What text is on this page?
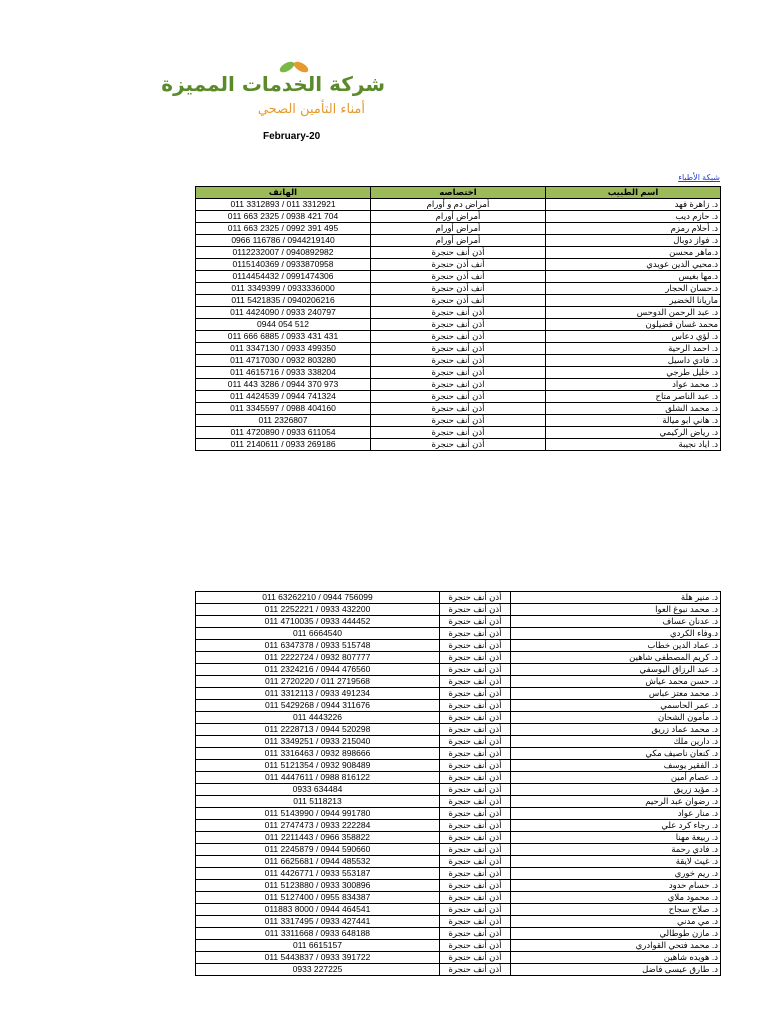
شركة الخدمات المميزة
أمناء التأمين الصحي
February-20
شبكة الأطباء
اسم الطبيب	اختصاصه	الهاتف
د. زاهرة فهد	أمراض دم و أورام	011 3312893 / 011 3312921
د. حازم ديب	أمراض أورام	011 663 2325 / 0938 421 704
د. أحلام رمزم	أمراض أورام	011 663 2325 / 0992 391 495
د. فواز دوبال	أمراض أورام	0966 116786 / 0944219140
د.ماهر محسن	أذن أنف حنجرة	0112232007 / 0940892982
د.محيي الدين عويدي	أنف أذن حنجرة	0115140369 / 0933870958
د.مها بغيس	أنف أذن حنجرة	0114454432 / 0991474306
د.حسان الحجار	أنف أذن حنجرة	011 3349399 / 0933336000
ماريانا الخضير	أنف أذن حنجرة	011 5421835 / 0940206216
د. عبد الرحمن الدوحس	أذن أنف حنجرة	011 4424090 / 0933 240797
محمد غسان قضيلون	أذن أنف حنجرة	0944 054 512
د. لؤي دعاس	أذن أنف حنجرة	011 666 6885 / 0933 431 431
د. احمد الرحية	أذن أنف حنجرة	011 3347130 / 0933 499350
د. فادي داسيل	أذن أنف حنجرة	011 4717030 / 0932 803280
د. خليل طرجي	أذن أنف حنجرة	011 4615716 / 0933 338204
د. محمد عواد	اذن انف حنجرة	011 443 3286 / 0944 370 973
د. عبد الناصر متاح	أذن أنف حنجرة	011 4424539 / 0944 741324
د. محمد الشلق	أذن أنف حنجرة	011 3345597 / 0988 404160
د. هاني ابو ميالة	أذن أنف حنجرة	011 2326807
د. رياض الركيمي	أذن أنف حنجرة	011 4720890 / 0933 611054
د. اياد نجيبة	أذن أنف حنجرة	011 2140611 / 0933 269186
د. منير هلة	أذن أنف حنجرة	011 63262210 / 0944 756099
د. محمد نبوغ العوا	أذن أنف حنجرة	011 2252221 / 0933 432200
د. عدنان عساف	أذن أنف حنجرة	011 4710035 / 0933 444452
د.وفاء الكردي	أذن أنف حنجرة	011 6664540
د. عماد الدين خطاب	أذن أنف حنجرة	011 6347378 / 0933 515748
د. كريم المصطفى شاهين	أذن أنف حنجرة	011 2222724 / 0932 807777
د. عبد الرزاق اليوسفي	أذن أنف حنجرة	011 2324216 / 0944 476560
د. حسن محمد عياش	أذن أنف حنجرة	011 2720220 / 011 2719568
د. محمد معتز عباس	أذن أنف حنجرة	011 3312113 / 0933 491234
د. عمر الحاسمي	أذن أنف حنجرة	011 5429268 / 0944 311676
د. مأمون الشحان	أذن أنف حنجرة	011 4443226
د. محمد عماد زريق	أذن أنف حنجرة	011 2228713 / 0944 520298
د. دارين ملك	أذن أنف حنجرة	011 3349251 / 0933 215040
د. كنعان ناصيف مكي	أذن أنف حنجرة	011 3316463 / 0932 898666
د. الفقير يوسف	أذن أنف حنجرة	011 5121354 / 0932 908489
د. عصام أمين	أذن أنف حنجرة	011 4447611 / 0988 816122
د. مؤيد زريق	أذن أنف حنجرة	0933 634484
د. رضوان عبد الرحيم	أذن أنف حنجرة	011 5118213
د. منار عواد	أذن أنف حنجرة	011 5143990 / 0944 991780
د. رجاء كرد علي	أذن أنف حنجرة	011 2747473 / 0933 222284
د. ربيعة مهنا	أذن أنف حنجرة	011 2211443 / 0966 358822
د. فادي رحمة	أذن أنف حنجرة	011 2245879 / 0944 590660
د. غيث لايقة	أذن أنف حنجرة	011 6625681 / 0944 485532
د. ريم خوري	أذن أنف حنجرة	011 4426771 / 0933 553187
د. حسام حدود	أذن أنف حنجرة	011 5123880 / 0933 300896
د. محمود ملاي	أذن أنف حنجرة	011 5127400 / 0955 834387
د. صلاح سجاح	أذن أنف حنجرة	011883 8000 / 0944 464541
د. مي مدني	أذن أنف حنجرة	011 3317495 / 0933 427441
د. مازن طوطالي	أذن أنف حنجرة	011 3311668 / 0933 648188
د. محمد فتحي القوادري	أذن أنف حنجرة	011 6615157
د. هويده شاهين	أذن أنف حنجرة	011 5443837 / 0933 391722
د. طارق عيسى فاضل	أذن أنف حنجرة	0933 227225
